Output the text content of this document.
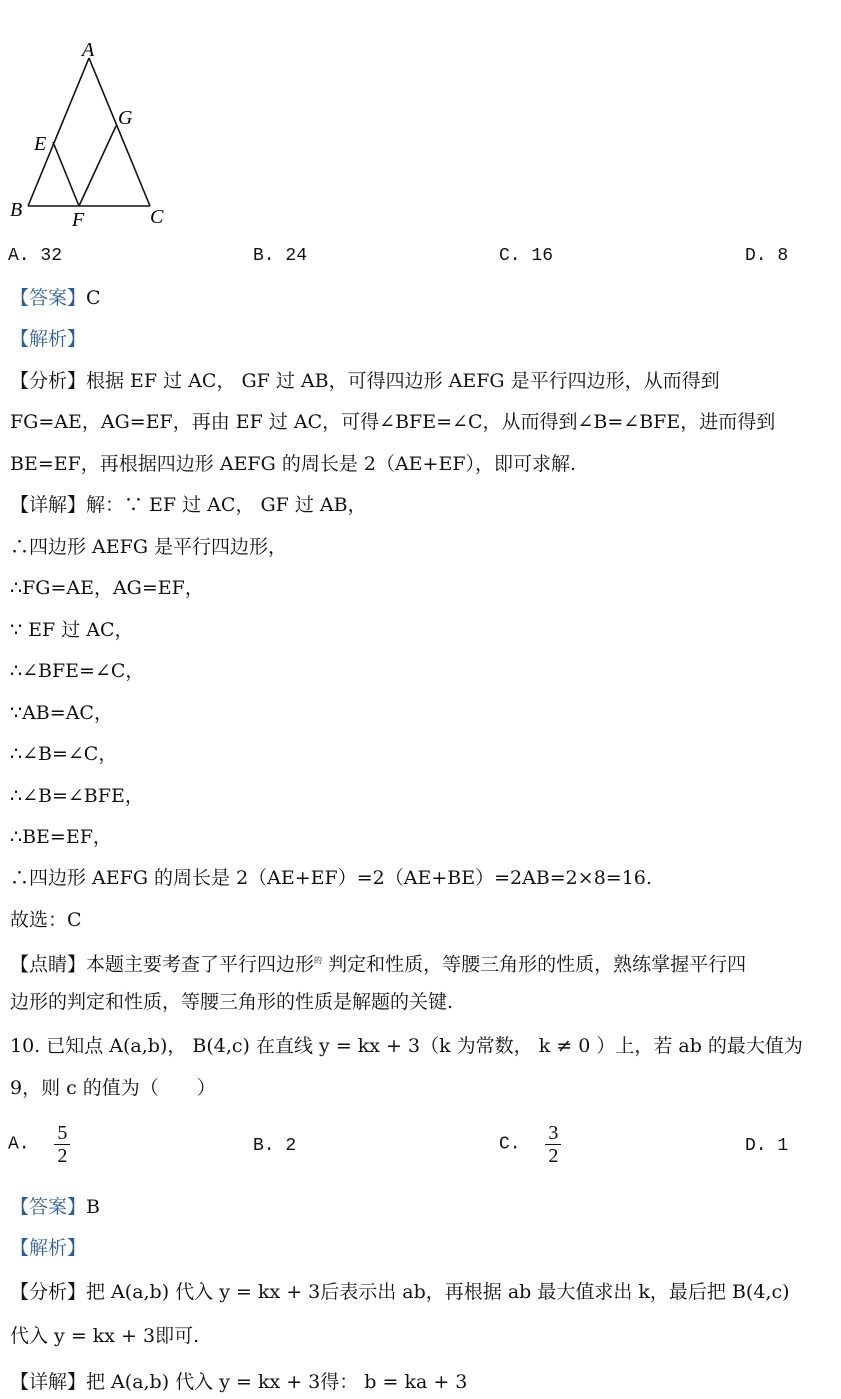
A
G
E
B F	C
A. 32	B. 24	C. 16	D. 8
【答案】C
【解析】
【分析】根据 EF 过 AC， GF 过 AB，可得四边形 AEFG 是平行四边形，从而得到
FG=AE，AG=EF，再由 EF 过 AC，可得∠BFE=∠C，从而得到∠B=∠BFE，进而得到
BE=EF，再根据四边形 AEFG 的周长是 2（AE+EF），即可求解.
【详解】解：∵ EF 过 AC， GF 过 AB，
∴四边形 AEFG 是平行四边形，
∴FG=AE，AG=EF，
∵ EF 过 AC，
∴∠BFE=∠C，
∵AB=AC，
∴∠B=∠C，
∴∠B=∠BFE，
∴BE=EF，
∴四边形 AEFG 的周长是 2（AE+EF）=2（AE+BE）=2AB=2×8=16.
故选：C
【点睛】本题主要考查了平行四边形$^的$ 判定和性质，等腰三角形的性质，熟练掌握平行四
边形的判定和性质，等腰三角形的性质是解题的关键.
10. 已知点 A(a,b)， B(4,c) 在直线 y = kx + 3（k 为常数， k ≠ 0 ）上，若 ab 的最大值为
9，则 c 的值为（　　）
A. $\frac{5}{2}$	B. 2	C. $\frac{3}{2}$	D. 1
【答案】B
【解析】
【分析】把 A(a,b) 代入 y = kx + 3后表示出 ab，再根据 ab 最大值求出 k，最后把 B(4,c)
代入 y = kx + 3即可.
【详解】把 A(a,b) 代入 y = kx + 3得： b = ka + 3
